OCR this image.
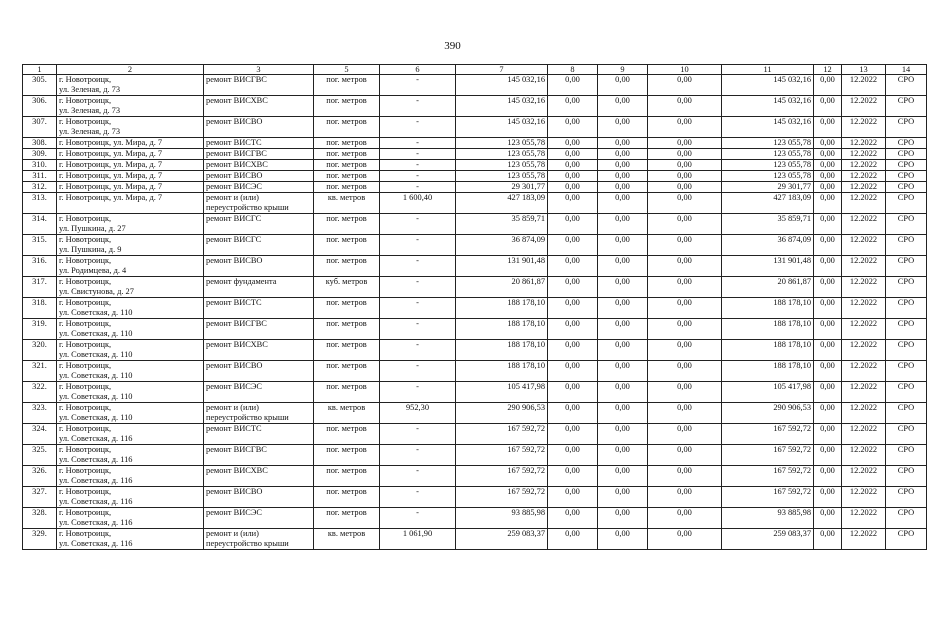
390
1	2	3	5	6	7	8	9	10	11	12	13	14
305.	г. Новотроицк,
ул. Зеленая, д. 73	ремонт ВИСГВС	пог. метров	-	145 032,16	0,00	0,00	0,00	145 032,16	0,00	12.2022	СРО
306.	г. Новотроицк,
ул. Зеленая, д. 73	ремонт ВИСХВС	пог. метров	-	145 032,16	0,00	0,00	0,00	145 032,16	0,00	12.2022	СРО
307.	г. Новотроицк,
ул. Зеленая, д. 73	ремонт ВИСВО	пог. метров	-	145 032,16	0,00	0,00	0,00	145 032,16	0,00	12.2022	СРО
308.	г. Новотроицк, ул. Мира, д. 7	ремонт ВИСТС	пог. метров	-	123 055,78	0,00	0,00	0,00	123 055,78	0,00	12.2022	СРО
309.	г. Новотроицк, ул. Мира, д. 7	ремонт ВИСГВС	пог. метров	-	123 055,78	0,00	0,00	0,00	123 055,78	0,00	12.2022	СРО
310.	г. Новотроицк, ул. Мира, д. 7	ремонт ВИСХВС	пог. метров	-	123 055,78	0,00	0,00	0,00	123 055,78	0,00	12.2022	СРО
311.	г. Новотроицк, ул. Мира, д. 7	ремонт ВИСВО	пог. метров	-	123 055,78	0,00	0,00	0,00	123 055,78	0,00	12.2022	СРО
312.	г. Новотроицк, ул. Мира, д. 7	ремонт ВИСЭС	пог. метров	-	29 301,77	0,00	0,00	0,00	29 301,77	0,00	12.2022	СРО
313.	г. Новотроицк, ул. Мира, д. 7	ремонт и (или)
переустройство крыши	кв. метров	1 600,40	427 183,09	0,00	0,00	0,00	427 183,09	0,00	12.2022	СРО
314.	г. Новотроицк,
ул. Пушкина, д. 27	ремонт ВИСГС	пог. метров	-	35 859,71	0,00	0,00	0,00	35 859,71	0,00	12.2022	СРО
315.	г. Новотроицк,
ул. Пушкина, д. 9	ремонт ВИСГС	пог. метров	-	36 874,09	0,00	0,00	0,00	36 874,09	0,00	12.2022	СРО
316.	г. Новотроицк,
ул. Родимцева, д. 4	ремонт ВИСВО	пог. метров	-	131 901,48	0,00	0,00	0,00	131 901,48	0,00	12.2022	СРО
317.	г. Новотроицк,
ул. Свистунова, д. 27	ремонт фундамента	куб. метров	-	20 861,87	0,00	0,00	0,00	20 861,87	0,00	12.2022	СРО
318.	г. Новотроицк,
ул. Советская, д. 110	ремонт ВИСТС	пог. метров	-	188 178,10	0,00	0,00	0,00	188 178,10	0,00	12.2022	СРО
319.	г. Новотроицк,
ул. Советская, д. 110	ремонт ВИСГВС	пог. метров	-	188 178,10	0,00	0,00	0,00	188 178,10	0,00	12.2022	СРО
320.	г. Новотроицк,
ул. Советская, д. 110	ремонт ВИСХВС	пог. метров	-	188 178,10	0,00	0,00	0,00	188 178,10	0,00	12.2022	СРО
321.	г. Новотроицк,
ул. Советская, д. 110	ремонт ВИСВО	пог. метров	-	188 178,10	0,00	0,00	0,00	188 178,10	0,00	12.2022	СРО
322.	г. Новотроицк,
ул. Советская, д. 110	ремонт ВИСЭС	пог. метров	-	105 417,98	0,00	0,00	0,00	105 417,98	0,00	12.2022	СРО
323.	г. Новотроицк,
ул. Советская, д. 110	ремонт и (или)
переустройство крыши	кв. метров	952,30	290 906,53	0,00	0,00	0,00	290 906,53	0,00	12.2022	СРО
324.	г. Новотроицк,
ул. Советская, д. 116	ремонт ВИСТС	пог. метров	-	167 592,72	0,00	0,00	0,00	167 592,72	0,00	12.2022	СРО
325.	г. Новотроицк,
ул. Советская, д. 116	ремонт ВИСГВС	пог. метров	-	167 592,72	0,00	0,00	0,00	167 592,72	0,00	12.2022	СРО
326.	г. Новотроицк,
ул. Советская, д. 116	ремонт ВИСХВС	пог. метров	-	167 592,72	0,00	0,00	0,00	167 592,72	0,00	12.2022	СРО
327.	г. Новотроицк,
ул. Советская, д. 116	ремонт ВИСВО	пог. метров	-	167 592,72	0,00	0,00	0,00	167 592,72	0,00	12.2022	СРО
328.	г. Новотроицк,
ул. Советская, д. 116	ремонт ВИСЭС	пог. метров	-	93 885,98	0,00	0,00	0,00	93 885,98	0,00	12.2022	СРО
329.	г. Новотроицк,
ул. Советская, д. 116	ремонт и (или)
переустройство крыши	кв. метров	1 061,90	259 083,37	0,00	0,00	0,00	259 083,37	0,00	12.2022	СРО
